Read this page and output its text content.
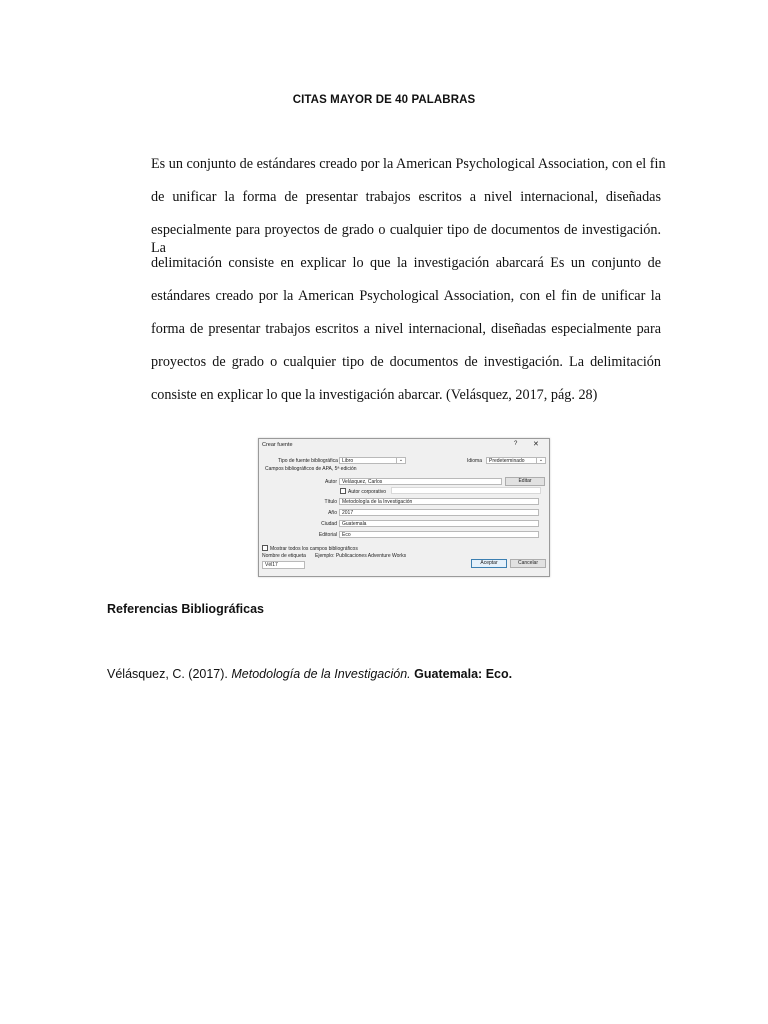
CITAS MAYOR DE 40 PALABRAS
Es un conjunto de estándares creado por la American Psychological Association, con el fin
de unificar la forma de presentar trabajos escritos a nivel internacional, diseñadas
especialmente para proyectos de grado o cualquier tipo de documentos de investigación. La
delimitación consiste en explicar lo que la investigación abarcará Es un conjunto de
estándares creado por la American Psychological Association, con el fin de unificar la
forma de presentar trabajos escritos a nivel internacional, diseñadas especialmente para
proyectos de grado o cualquier tipo de documentos de investigación. La delimitación
consiste en explicar lo que la investigación abarcar. (Velásquez, 2017, pág. 28)
Crear fuente	? ✕
Tipo de fuente bibliográfica Libro	⌄	Idioma	Predeterminado	⌄
Campos bibliográficos de APA, 5ª edición
Autor	Velásquez, Carlos	Editar
Autor corporativo
Título	Metodología de la Investigación
Año	2017
Ciudad	Guatemala
Editorial	Eco
Mostrar todos los campos bibliográficos
Nombre de etiqueta Ejemplo: Publicaciones Adventure Works
Vél17	Aceptar	Cancelar
Referencias Bibliográficas
Vélásquez, C. (2017). Metodología de la Investigación. Guatemala: Eco.
